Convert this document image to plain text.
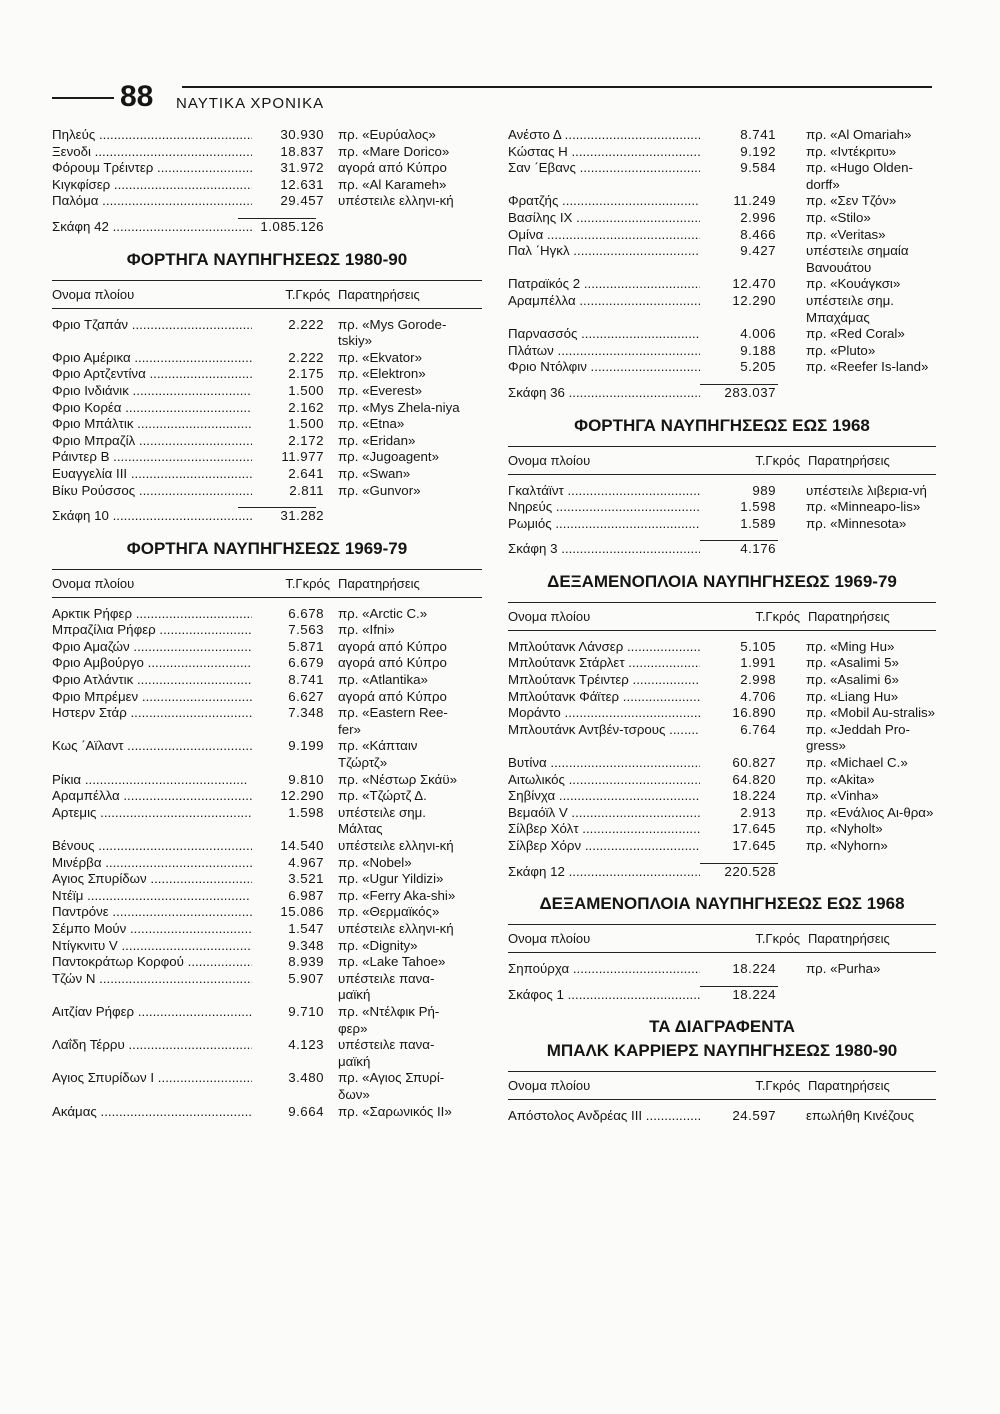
88 ΝΑΥΤΙΚΑ ΧΡΟΝΙΚΑ
Πηλεύς .....	30.930 πρ. «Ευρύαλος»
Ξενοδι .....	18.837 πρ. «Mare Dorico»
Φόρουμ Τρέιντερ .....	31.972 αγορά από Κύπρο
Κιγκφίσερ .....	12.631 πρ. «Al Karameh»
Παλόμα .....	29.457 υπέστειλε ελληνι-κή
Σκάφη 42 .....	1.085.126
ΦΟΡΤΗΓΑ ΝΑΥΠΗΓΗΣΕΩΣ 1980-90
Ονομα πλοίου	Τ.Γκρός Παρατηρήσεις
Φριο Τζαπάν .....	2.222 πρ. «Mys Gorode-tskiy»
Φριο Αμέρικα .....	2.222 πρ. «Ekvator»
Φριο Αρτζεντίνα .....	2.175 πρ. «Elektron»
Φριο Ινδιάνικ .....	1.500 πρ. «Everest»
Φριο Κορέα .....	2.162 πρ. «Mys Zhela-niya
Φριο Μπάλτικ .....	1.500 πρ. «Etna»
Φριο Μπραζίλ .....	2.172 πρ. «Eridan»
Ράιντερ Β .....	11.977 πρ. «Jugoagent»
Ευαγγελία ΙΙΙ .....	2.641 πρ. «Swan»
Βίκυ Ρούσσος .....	2.811 πρ. «Gunvor»
Σκάφη 10 .....	31.282
ΦΟΡΤΗΓΑ ΝΑΥΠΗΓΗΣΕΩΣ 1969-79
Ονομα πλοίου	Τ.Γκρός Παρατηρήσεις
Αρκτικ Ρήφερ .....	6.678 πρ. «Arctic C.»
Μπραζίλια Ρήφερ .....	7.563 πρ. «Ifni»
Φριο Αμαζών .....	5.871 αγορά από Κύπρο
Φριο Αμβούργο .....	6.679 αγορά από Κύπρο
Φριο Ατλάντικ .....	8.741 πρ. «Atlantika»
Φριο Μπρέμεν .....	6.627 αγορά από Κύπρο
Ηστερν Στάρ .....	7.348 πρ. «Eastern Ree-fer»
Κως ΄Αϊλαντ .....	9.199 πρ. «Κάπταιν Τζώρτζ»
Ρίκια .....	9.810 πρ. «Νέστωρ Σκάϋ»
Αραμπέλλα .....	12.290 πρ. «Τζώρτζ Δ.
Αρτεμις .....	1.598 υπέστειλε σημ. Μάλτας
Βένους .....	14.540 υπέστειλε ελληνι-κή
Μινέρβα .....	4.967 πρ. «Nobel»
Αγιος Σπυρίδων .....	3.521 πρ. «Ugur Yildizi»
Ντέϊμ .....	6.987 πρ. «Ferry Aka-shi»
Παντρόνε .....	15.086 πρ. «Θερμαϊκός»
Σέμπο Μούν .....	1.547 υπέστειλε ελληνι-κή
Ντίγκνιτυ V .....	9.348 πρ. «Dignity»
Παντοκράτωρ Κορφού .....	8.939 πρ. «Lake Tahoe»
Τζών Ν .....	5.907 υπέστειλε πανα-μαϊκή
Αιτζίαν Ρήφερ .....	9.710 πρ. «Ντέλφικ Ρή-φερ»
Λαΐδη Τέρρυ .....	4.123 υπέστειλε πανα-μαϊκή
Αγιος Σπυρίδων Ι .....	3.480 πρ. «Αγιος Σπυρί-δων»
Ακάμας .....	9.664 πρ. «Σαρωνικός ΙΙ»
Ανέστο Δ .....	8.741 πρ. «Al Omariah»
Κώστας Η .....	9.192 πρ. «Ιντέκριτυ»
Σαν ΄Εβανς .....	9.584 πρ. «Hugo Olden-dorff»
Φρατζής .....	11.249 πρ. «Σεν Τζόν»
Βασίλης ΙΧ .....	2.996 πρ. «Stilo»
Ομίνα .....	8.466 πρ. «Veritas»
Παλ ΄Ηγκλ .....	9.427 υπέστειλε σημαία Βανουάτου
Πατραϊκός 2 .....	12.470 πρ. «Κουάγκσι»
Αραμπέλλα .....	12.290 υπέστειλε σημ. Μπαχάμας
Παρνασσός .....	4.006 πρ. «Red Coral»
Πλάτων .....	9.188 πρ. «Pluto»
Φριο Ντόλφιν .....	5.205 πρ. «Reefer Is-land»
Σκάφη 36 .....	283.037
ΦΟΡΤΗΓΑ ΝΑΥΠΗΓΗΣΕΩΣ ΕΩΣ 1968
Ονομα πλοίου	Τ.Γκρός Παρατηρήσεις
Γκαλτάϊντ .....	989 υπέστειλε λιβερια-νή
Νηρεύς .....	1.598 πρ. «Minneapo-lis»
Ρωμιός .....	1.589 πρ. «Minnesota»
Σκάφη 3 .....	4.176
ΔΕΞΑΜΕΝΟΠΛΟΙΑ ΝΑΥΠΗΓΗΣΕΩΣ 1969-79
Ονομα πλοίου	Τ.Γκρός Παρατηρήσεις
Μπλούτανκ Λάνσερ .....	5.105 πρ. «Ming Hu»
Μπλούτανκ Στάρλετ .....	1.991 πρ. «Asalimi 5»
Μπλούτανκ Τρέιντερ .....	2.998 πρ. «Asalimi 6»
Μπλούτανκ Φάϊτερ .....	4.706 πρ. «Liang Hu»
Μοράντο .....	16.890 πρ. «Mobil Au-stralis»
Μπλουτάνκ Αντβέν-τσρους .....	6.764 πρ. «Jeddah Pro-gress»
Βυτίνα .....	60.827 πρ. «Michael C.»
Αιτωλικός .....	64.820 πρ. «Akita»
Σηβίνχα .....	18.224 πρ. «Vinha»
Βεμαόϊλ V .....	2.913 πρ. «Ενάλιος Αι-θρα»
Σίλβερ Χόλτ .....	17.645 πρ. «Nyholt»
Σίλβερ Χόρν .....	17.645 πρ. «Nyhorn»
Σκάφη 12 .....	220.528
ΔΕΞΑΜΕΝΟΠΛΟΙΑ ΝΑΥΠΗΓΗΣΕΩΣ ΕΩΣ 1968
Ονομα πλοίου	Τ.Γκρός Παρατηρήσεις
Σηπούρχα .....	18.224 πρ. «Purha»
Σκάφος 1 .....	18.224
ΤΑ ΔΙΑΓΡΑΦΕΝΤΑ
ΜΠΑΛΚ ΚΑΡΡΙΕΡΣ ΝΑΥΠΗΓΗΣΕΩΣ 1980-90
Ονομα πλοίου	Τ.Γκρός Παρατηρήσεις
Απόστολος Ανδρέας ΙΙΙ .....	24.597 επωλήθη Κινέζους
